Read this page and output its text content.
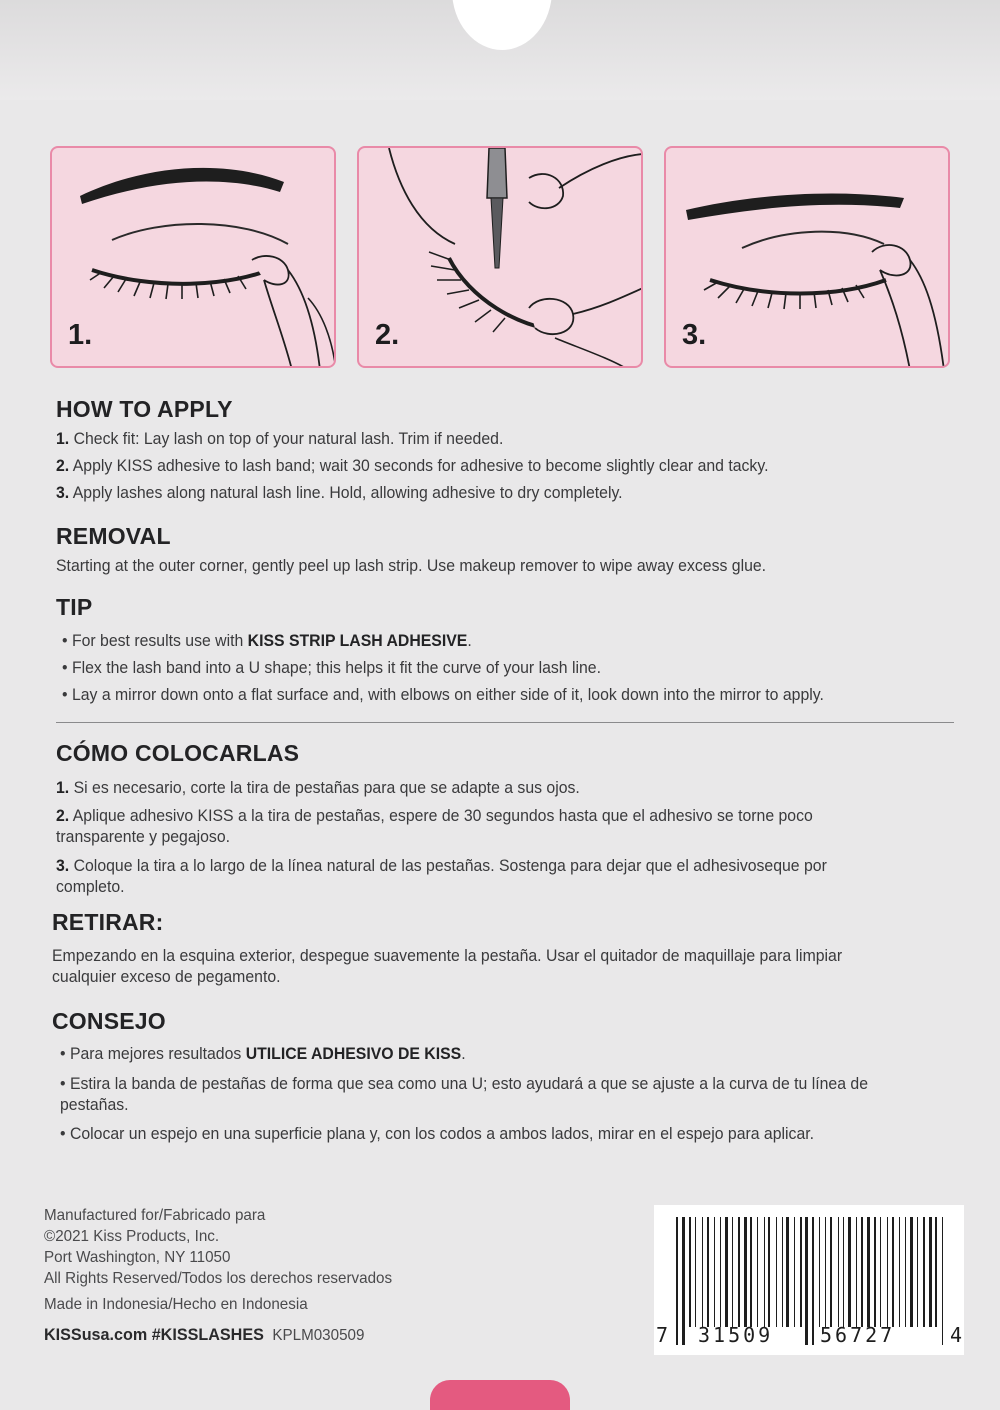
1.	2.	3.
HOW TO APPLY
1. Check fit: Lay lash on top of your natural lash. Trim if needed.
2. Apply KISS adhesive to lash band; wait 30 seconds for adhesive to become slightly clear and tacky.
3. Apply lashes along natural lash line. Hold, allowing adhesive to dry completely.
REMOVAL
Starting at the outer corner, gently peel up lash strip. Use makeup remover to wipe away excess glue.
TIP
• For best results use with KISS STRIP LASH ADHESIVE.
• Flex the lash band into a U shape; this helps it fit the curve of your lash line.
• Lay a mirror down onto a flat surface and, with elbows on either side of it, look down into the mirror to apply.
CÓMO COLOCARLAS
1. Si es necesario, corte la tira de pestañas para que se adapte a sus ojos.
2. Aplique adhesivo KISS a la tira de pestañas, espere de 30 segundos hasta que el adhesivo se torne poco transparente y pegajoso.
3. Coloque la tira a lo largo de la línea natural de las pestañas. Sostenga para dejar que el adhesivoseque por completo.
RETIRAR:
Empezando en la esquina exterior, despegue suavemente la pestaña. Usar el quitador de maquillaje para limpiar cualquier exceso de pegamento.
CONSEJO
• Para mejores resultados UTILICE ADHESIVO DE KISS.
• Estira la banda de pestañas de forma que sea como una U; esto ayudará a que se ajuste a la curva de tu línea de pestañas.
• Colocar un espejo en una superficie plana y, con los codos a ambos lados, mirar en el espejo para aplicar.
Manufactured for/Fabricado para
©2021 Kiss Products, Inc.
Port Washington, NY 11050
All Rights Reserved/Todos los derechos reservados
Made in Indonesia/Hecho en Indonesia
KISSusa.com #KISSLASHES KPLM030509	7 31509 56727	4
